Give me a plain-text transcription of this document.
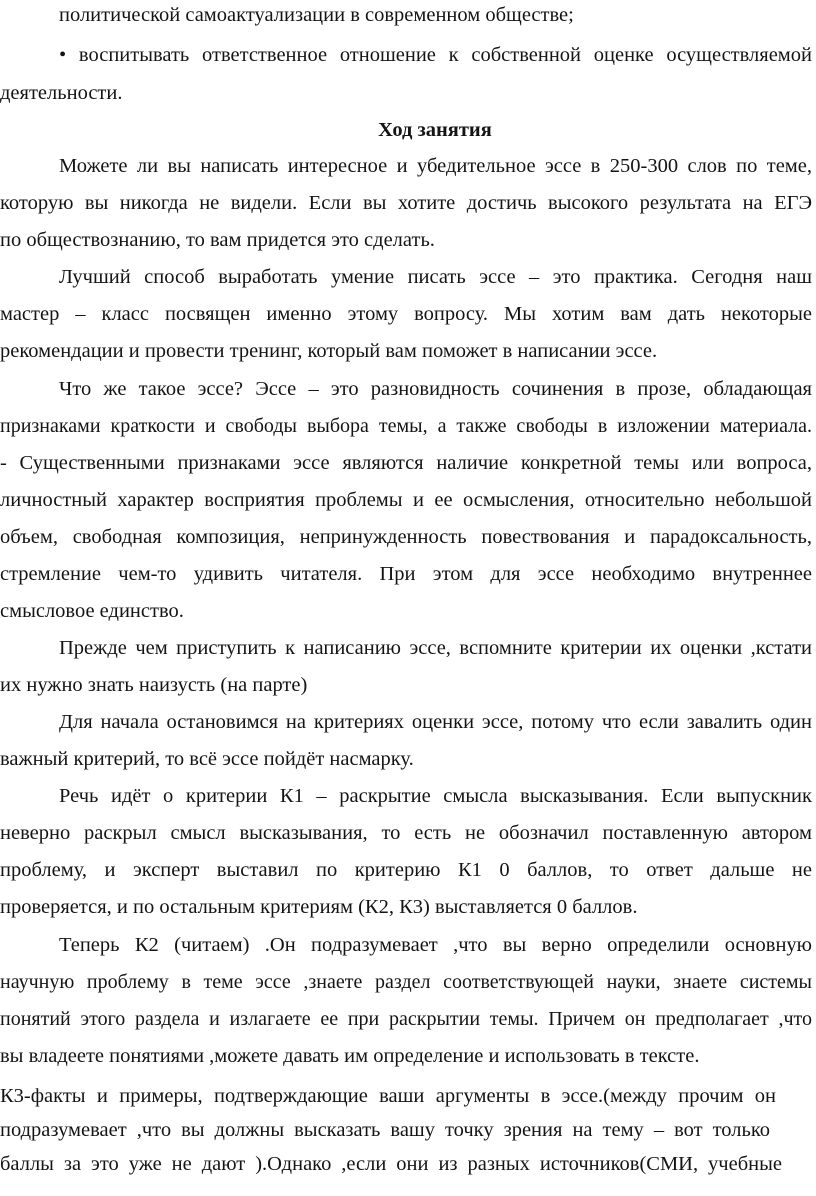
политической самоактуализации в современном обществе;
• воспитывать ответственное отношение к собственной оценке осуществляемой
деятельности.
Ход занятия
Можете ли вы написать интересное и убедительное эссе в 250-300 слов по теме,
которую вы никогда не видели. Если вы хотите достичь высокого результата на ЕГЭ
по обществознанию, то вам придется это сделать.
Лучший способ выработать умение писать эссе – это практика. Сегодня наш
мастер – класс посвящен именно этому вопросу. Мы хотим вам дать некоторые
рекомендации и провести тренинг, который вам поможет в написании эссе.
Что же такое эссе? Эссе – это разновидность сочинения в прозе, обладающая
признаками краткости и свободы выбора темы, а также свободы в изложении материала.
- Существенными признаками эссе являются наличие конкретной темы или вопроса,
личностный характер восприятия проблемы и ее осмысления, относительно небольшой
объем, свободная композиция, непринужденность повествования и парадоксальность,
стремление чем-то удивить читателя. При этом для эссе необходимо внутреннее
смысловое единство.
Прежде чем приступить к написанию эссе, вспомните критерии их оценки ,кстати
их нужно знать наизусть (на парте)
Для начала остановимся на критериях оценки эссе, потому что если завалить один
важный критерий, то всё эссе пойдёт насмарку.
Речь идёт о критерии К1 – раскрытие смысла высказывания. Если выпускник
неверно раскрыл смысл высказывания, то есть не обозначил поставленную автором
проблему, и эксперт выставил по критерию К1 0 баллов, то ответ дальше не
проверяется, и по остальным критериям (К2, К3) выставляется 0 баллов.
Теперь К2 (читаем) .Он подразумевает ,что вы верно определили основную
научную проблему в теме эссе ,знаете раздел соответствующей науки, знаете системы
понятий этого раздела и излагаете ее при раскрытии темы. Причем он предполагает ,что
вы владеете понятиями ,можете давать им определение и использовать в тексте.
К3-факты и примеры, подтверждающие ваши аргументы в эссе.(между прочим он
подразумевает ,что вы должны высказать вашу точку зрения на тему – вот только
баллы за это уже не дают ).Однако ,если они из разных источников(СМИ, учебные
